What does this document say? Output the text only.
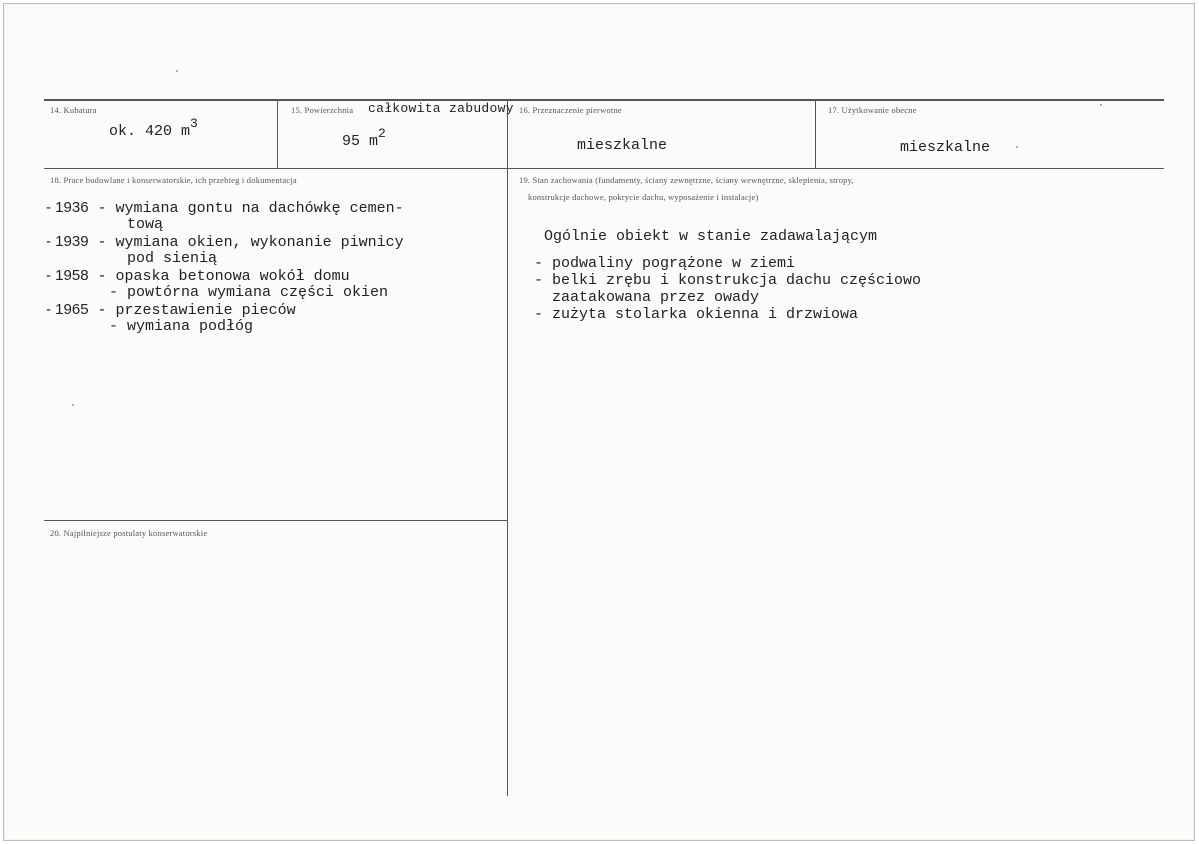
14. Kubatura
ok. 420 m3
15. Powierzchnia całkowita zabudowy
95 m2
16. Przeznaczenie pierwotne
mieszkalne
17. Użytkowanie obecne
mieszkalne
18. Prace budowlane i konserwatorskie, ich przebieg i dokumentacja
- 1936 - wymiana gontu na dachówkę cemen-
tową
- 1939 - wymiana okien, wykonanie piwnicy
pod sienią
- 1958 - opaska betonowa wokół domu
- powtórna wymiana części okien
- 1965 - przestawienie pieców
- wymiana podłóg
19. Stan zachowania (fundamenty, ściany zewnętrzne, ściany wewnętrzne, sklepienia, stropy,
konstrukcje dachowe, pokrycie dachu, wyposażenie i instalacje)
Ogólnie obiekt w stanie zadawalającym
- podwaliny pogrążone w ziemi
- belki zrębu i konstrukcja dachu częściowo
zaatakowana przez owady
- zużyta stolarka okienna i drzwiowa
20. Najpilniejsze postulaty konserwatorskie
